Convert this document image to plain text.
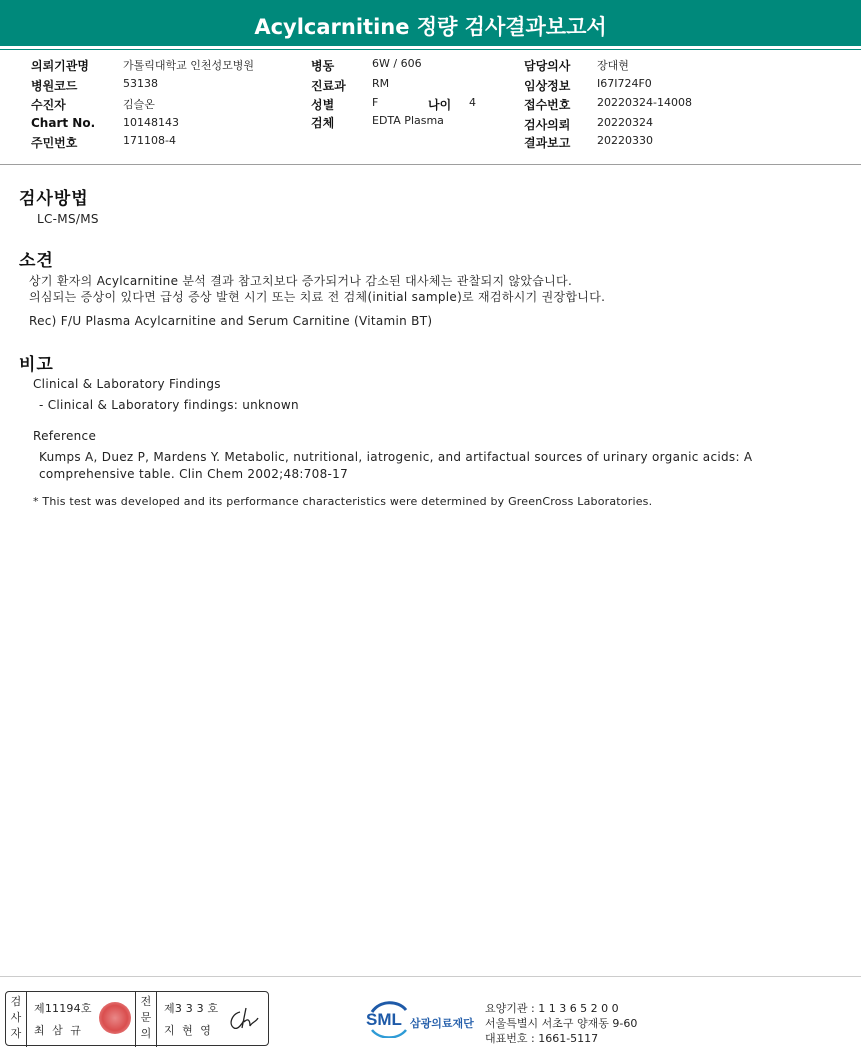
Acylcarnitine 정량 검사결과보고서
의뢰기관명	가톨릭대학교 인천성모병원
병원코드	53138
수진자	김슬온
Chart No.	10148143
주민번호	171108-4
병동	6W / 606
진료과 RM
성별	F	나이 4
검체	EDTA Plasma
담당의사 장대현
임상정보 I67I724F0
접수번호 20220324-14008
검사의뢰 20220324
결과보고 20220330
검사방법
LC-MS/MS
소견
상기 환자의 Acylcarnitine 분석 결과 참고치보다 증가되거나 감소된 대사체는 관찰되지 않았습니다.
의심되는 증상이 있다면 급성 증상 발현 시기 또는 치료 전 검체(initial sample)로 재검하시기 권장합니다.
Rec) F/U Plasma Acylcarnitine and Serum Carnitine (Vitamin BT)
비고
Clinical & Laboratory Findings
- Clinical & Laboratory findings: unknown
Reference
Kumps A, Duez P, Mardens Y. Metabolic, nutritional, iatrogenic, and artifactual sources of urinary organic acids: A comprehensive table. Clin Chem 2002;48:708-17
* This test was developed and its performance characteristics were determined by GreenCross Laboratories.
검사자
제11194호
최 삼 규
전문의
제3 3 3 호
지 현 영
SML 삼광의료재단
요양기관 : 1 1 3 6 5 2 0 0
서울특별시 서초구 양재동 9-60
대표번호 : 1661-5117
